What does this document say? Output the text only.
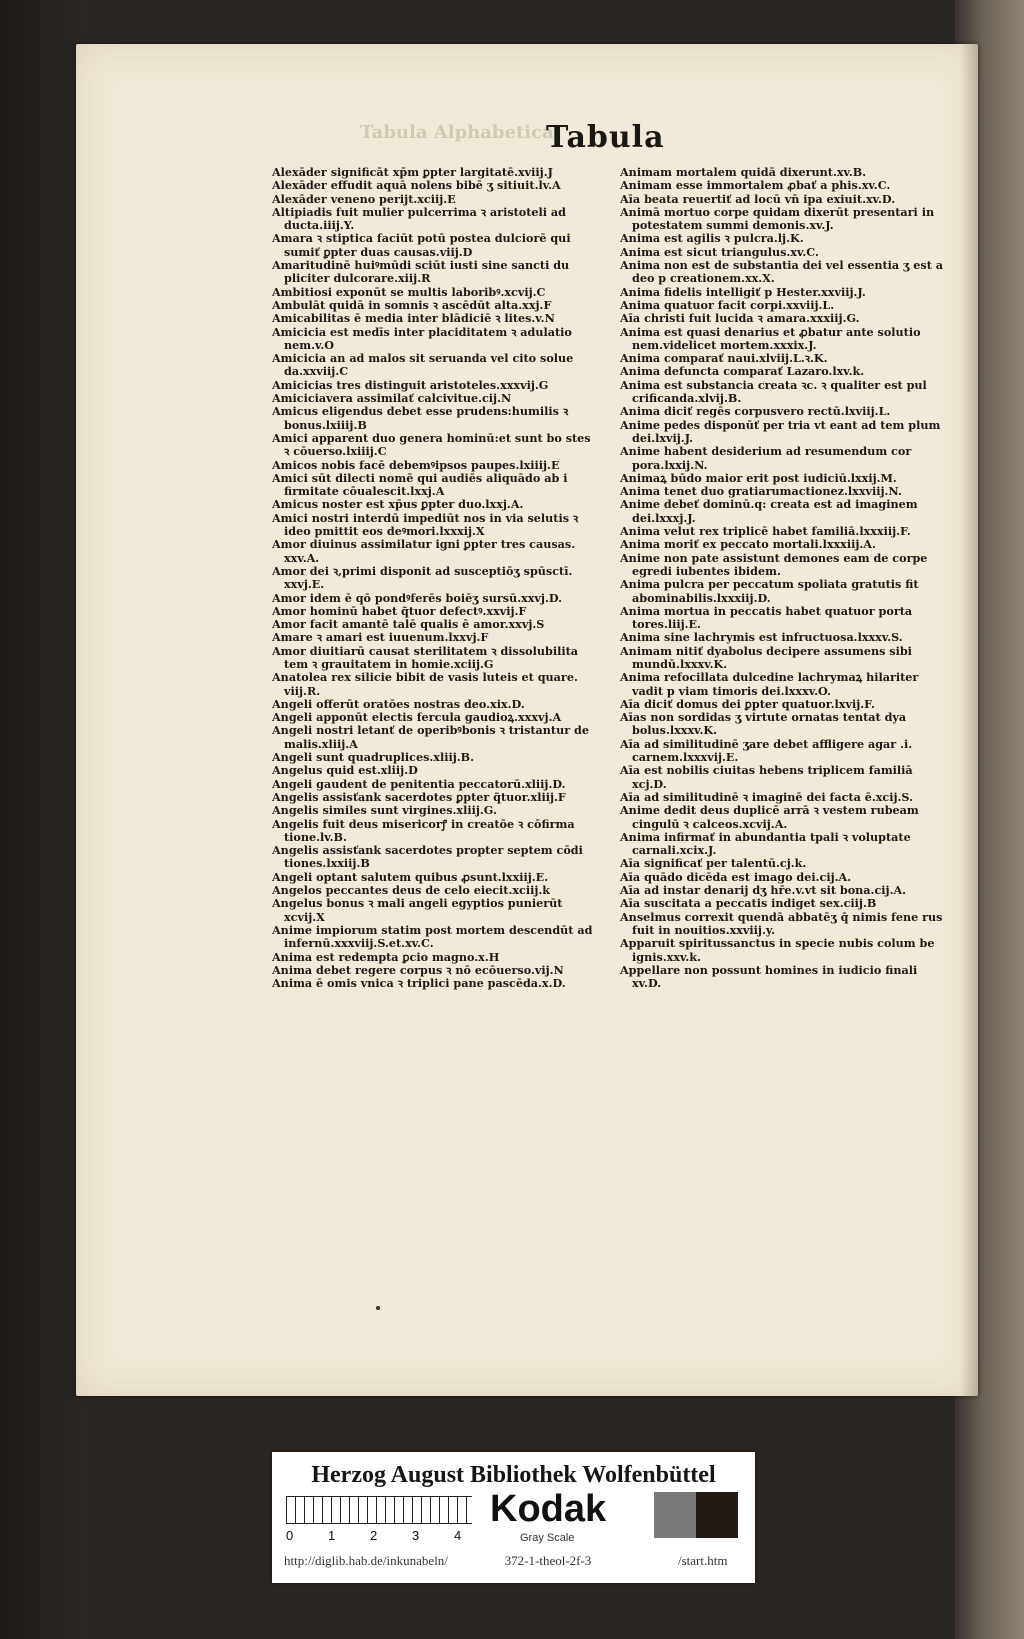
Tabula Alphabetica
Tabula
Alexāder significāt xp̄m ꝑpter largitatē.xviij.J
Alexāder effudit aquā nolens bibē ʒ sitiuit.lv.A
Alexāder veneno perijt.xciij.E
Altipiadis fuit mulier pulcerrima ꝛ aristoteli ad ducta.iiij.Y.
Amara ꝛ stiptica faciūt potū postea dulciorē qui sumiť ꝑpter duas causas.viij.D
Amaritudinē huiꝰmūdi sciūt iusti sine sancti du pliciter dulcorare.xiij.R
Ambitiosi exponūt se multis laboribꝰ.xcvij.C
Ambulāt quidā in somnis ꝛ ascēdūt alta.xxj.F
Amicabilitas ē media inter blādiciē ꝛ lites.v.N
Amicicia est medīs inter placiditatem ꝛ adulatio nem.v.O
Amicicia an ad malos sit seruanda vel cito solue da.xxviij.C
Amicicias tres distinguit aristoteles.xxxvij.G
Amiciciavera assimilať calcivitue.cij.N
Amicus eligendus debet esse prudens:humilis ꝛ bonus.lxiiij.B
Amici apparent duo genera hominū:et sunt bo stes ꝛ cōuerso.lxiiij.C
Amicos nobis facē debemꝰipsos paupes.lxiiij.E
Amici sūt dilecti nomē qui audiēs aliquādo ab i firmitate cōualescit.lxxj.A
Amicus noster est xp̄us ꝑpter duo.lxxj.A.
Amici nostri interdū impediūt nos in via selutis ꝛ ideo pmittit eos deꝰmori.lxxxij.X
Amor diuinus assimilatur igni ꝑpter tres causas. xxv.A.
Amor dei ꝛ,primi disponit ad susceptiōʒ spūsctī. xxvj.E.
Amor idem ē qō pondꝰferēs boiēʒ sursū.xxvj.D.
Amor hominū habet q̃tuor defectꝰ.xxvij.F
Amor facit amantē talē qualis ē amor.xxvj.S
Amare ꝛ amari est iuuenum.lxxvj.F
Amor diuitiarū causat sterilitatem ꝛ dissolubilita tem ꝛ grauitatem in homie.xciij.G
Anatolea rex silicie bibit de vasis luteis et quare. viij.R.
Angeli offerūt oratōes nostras deo.xix.D.
Angeli apponūt electis fercula gaudioꝝ.xxxvj.A
Angeli nostri letanť de operibꝰbonis ꝛ tristantur de malis.xliij.A
Angeli sunt quadruplices.xliij.B.
Angelus quid est.xliij.D
Angeli gaudent de penitentia peccatorū.xliij.D.
Angelis assisťank sacerdotes ꝑpter q̃tuor.xliij.F
Angelis similes sunt virgines.xliij.G.
Angelis fuit deus misericorꝭ in creatōe ꝛ cōfirma tione.lv.B.
Angelis assisťank sacerdotes propter septem cōdi tiones.lxxiij.B
Angeli optant salutem quibus ꝓsunt.lxxiij.E.
Angelos peccantes deus de celo eiecit.xciij.k
Angelus bonus ꝛ mali angeli egyptios punierūt xcvij.X
Anime impiorum statim post mortem descendūt ad infernū.xxxviij.S.et.xv.C.
Anima est redempta ꝑcio magno.x.H
Anima debet regere corpus ꝛ nō ecōuerso.vij.N
Anima ē omis vnica ꝛ triplici pane pascēda.x.D.
Animam mortalem quidā dixerunt.xv.B.
Animam esse immortalem ꝓbať a phis.xv.C.
Aīa beata reuertiť ad locū vn̄ ipa exiuit.xv.D.
Animā mortuo corpe quidam dixerūt presentari in potestatem summi demonis.xv.J.
Anima est agilis ꝛ pulcra.lj.K.
Anima est sicut triangulus.xv.C.
Anima non est de substantia dei vel essentia ʒ est a deo p creationem.xx.X.
Anima fidelis intelligiť p Hester.xxviij.J.
Anima quatuor facit corpi.xxviij.L.
Aīa christi fuit lucida ꝛ amara.xxxiij.G.
Anima est quasi denarius et ꝓbatur ante solutio nem.videlicet mortem.xxxix.J.
Anima comparať naui.xlviij.L.ꝛ.K.
Anima defuncta comparať Lazaro.lxv.k.
Anima est substancia creata ꝛc. ꝛ qualiter est pul crificanda.xlvij.B.
Anima diciť regēs corpusvero rectū.lxviij.L.
Anime pedes disponūť per tria vt eant ad tem plum dei.lxvij.J.
Anime habent desiderium ad resumendum cor pora.lxxij.N.
Animaꝝ būdo maior erit post iudiciū.lxxij.M.
Anima tenet duo gratiarumactionez.lxxviij.N.
Anime debeť dominū.q: creata est ad imaginem dei.lxxxj.J.
Anima velut rex triplicē habet familiā.lxxxiij.F.
Anima moriť ex peccato mortali.lxxxiij.A.
Anime non pate assistunt demones eam de corpe egredi iubentes ibidem.
Anima pulcra per peccatum spoliata gratutis fit abominabilis.lxxxiij.D.
Anima mortua in peccatis habet quatuor porta tores.liij.E.
Anima sine lachrymis est infructuosa.lxxxv.S.
Animam nitiť dyabolus decipere assumens sibi mundū.lxxxv.K.
Anima refocillata dulcedine lachrymaꝝ hilariter vadit p viam timoris dei.lxxxv.O.
Aīa diciť domus dei ꝑpter quatuor.lxvij.F.
Aīas non sordidas ʒ virtute ornatas tentat dya bolus.lxxxv.K.
Aīa ad similitudinē ʒare debet affligere agar .i. carnem.lxxxvij.E.
Aīa est nobilis ciuitas hebens triplicem familiā xcj.D.
Aīa ad similitudinē ꝛ imaginē dei facta ē.xcij.S.
Anime dedit deus duplicē arrā ꝛ vestem rubeam cingulū ꝛ calceos.xcvij.A.
Anima infirmať in abundantia tpali ꝛ voluptate carnali.xcix.J.
Aīa significať per talentū.cj.k.
Aīa quādo dicēda est imago dei.cij.A.
Aīa ad instar denarij dʒ hr̄e.v.vt sit bona.cij.A.
Aīa suscitata a peccatis indiget sex.ciij.B
Anselmus correxit quendā abbatēʒ q̄ nimis fene rus fuit in nouitios.xxviij.y.
Apparuit spiritussanctus in specie nubis colum be ignis.xxv.k.
Appellare non possunt homines in iudicio finali xv.D.
Herzog August Bibliothek Wolfenbüttel
0	1	2	3	4
Kodak
Gray Scale
http://diglib.hab.de/inkunabeln/	372-1-theol-2f-3	/start.htm
